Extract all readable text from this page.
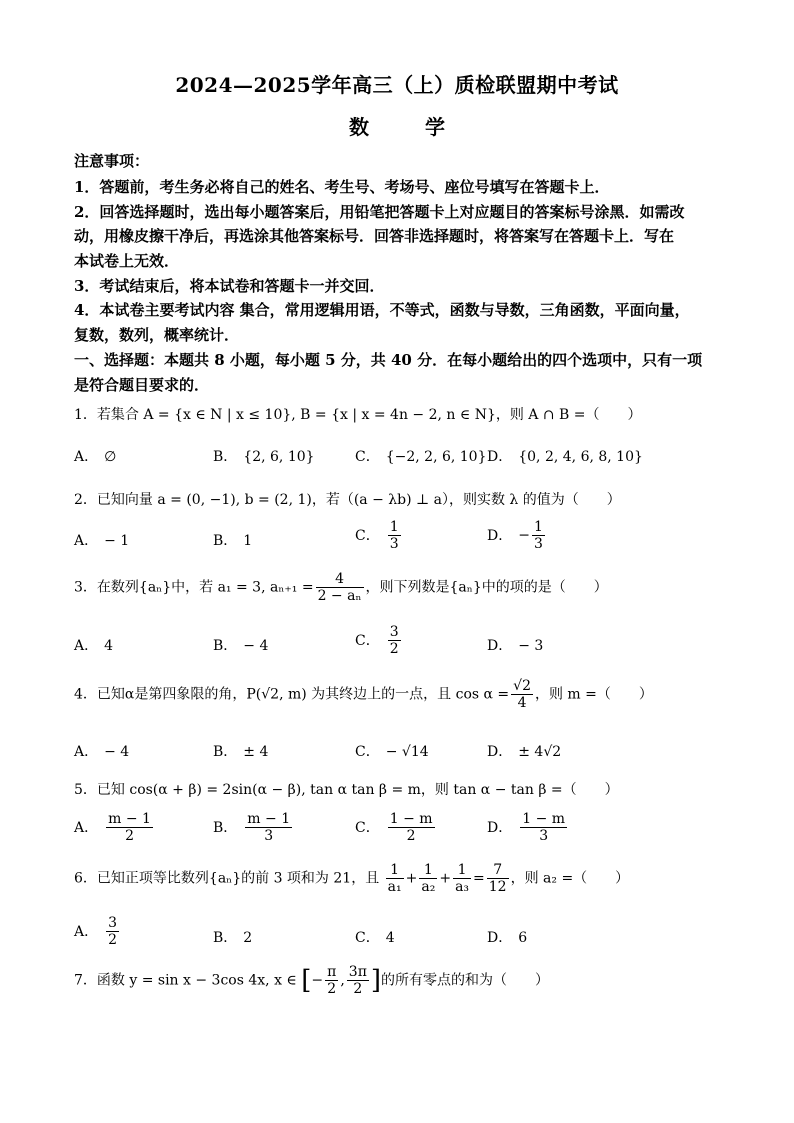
2024—2025学年高三（上）质检联盟期中考试
数　学
注意事项：
1．答题前，考生务必将自己的姓名、考生号、考场号、座位号填写在答题卡上．
2．回答选择题时，选出每小题答案后，用铅笔把答题卡上对应题目的答案标号涂黑．如需改
动，用橡皮擦干净后，再选涂其他答案标号．回答非选择题时，将答案写在答题卡上．写在
本试卷上无效．
3．考试结束后，将本试卷和答题卡一并交回．
4．本试卷主要考试内容 集合，常用逻辑用语，不等式，函数与导数，三角函数，平面向量，
复数，数列，概率统计．
一、选择题：本题共 8 小题，每小题 5 分，共 40 分．在每小题给出的四个选项中，只有一项
是符合题目要求的．
1．若集合 A = {x ∈ N | x ≤ 10}, B = {x | x = 4n − 2, n ∈ N}，则 A ∩ B =（　　）
A． ∅	B． {2, 6, 10}	C． {−2, 2, 6, 10} D． {0, 2, 4, 6, 8, 10}
2．已知向量 a = (0, −1), b = (2, 1)，若（(a − λb) ⊥ a），则实数 λ 的值为（　　）
A． − 1	B． 1	C． $\frac{1}{3}$	D． − $\frac{1}{3}$
3．在数列{aₙ}中，若 a₁ = 3, $a_{n+1} = \frac{4}{\text{2 − aₙ}}$ ，则下列数是{aₙ}中的项的是（　　）
A． 4	B． − 4	C． $\frac{3}{2}$	D． − 3
4．已知α是第四象限的角，P(√2, m) 为其终边上的一点，且 $\cos \alpha = \frac{√2}{4}$ ，则 m =（　　）
A． − 4	B． ± 4	C． − √14	D． ± 4√2
5．已知 cos(α + β) = 2sin(α − β), tan α tan β = m，则 tan α − tan β =（　　）
A． $\frac{m - 1}{2}$	B． $\frac{m - 1}{3}$	C． $\frac{1 - m}{2}$	D． $\frac{1 - m}{3}$
6．已知正项等比数列{aₙ}的前 3 项和为 21，且 $\frac{1}{\text{a₁}} + \frac{1}{\text{a₂}} + \frac{1}{\text{a₃}} = \frac{7}{12}$ ，则 a₂ =（　　）
A． $\frac{3}{2}$	B． 2	C． 4	D． 6
7．函数 y = sin x − 3cos 4x, x ∈ [− $\frac{\pi}{2}$ , $\frac{3\pi}{2}$ ]的所有零点的和为（　　）
